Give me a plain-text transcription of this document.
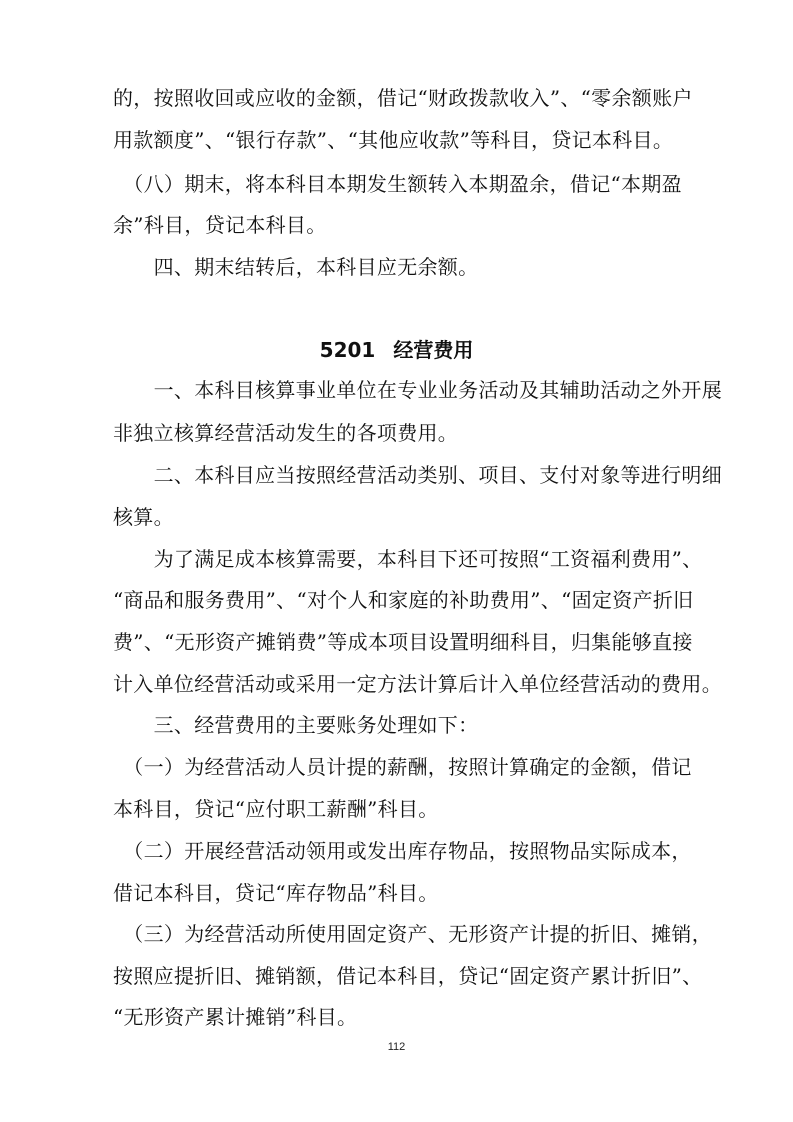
的，按照收回或应收的金额，借记“财政拨款收入”、“零余额账户
用款额度”、“银行存款”、“其他应收款”等科目，贷记本科目。
　（八）期末，将本科目本期发生额转入本期盈余，借记“本期盈
余”科目，贷记本科目。
　　四、期末结转后，本科目应无余额。
5201 经营费用
　　一、本科目核算事业单位在专业业务活动及其辅助活动之外开展
非独立核算经营活动发生的各项费用。
　　二、本科目应当按照经营活动类别、项目、支付对象等进行明细
核算。
　　为了满足成本核算需要，本科目下还可按照“工资福利费用”、
“商品和服务费用”、“对个人和家庭的补助费用”、“固定资产折旧
费”、“无形资产摊销费”等成本项目设置明细科目，归集能够直接
计入单位经营活动或采用一定方法计算后计入单位经营活动的费用。
　　三、经营费用的主要账务处理如下：
　（一）为经营活动人员计提的薪酬，按照计算确定的金额，借记
本科目，贷记“应付职工薪酬”科目。
　（二）开展经营活动领用或发出库存物品，按照物品实际成本，
借记本科目，贷记“库存物品”科目。
　（三）为经营活动所使用固定资产、无形资产计提的折旧、摊销，
按照应提折旧、摊销额，借记本科目，贷记“固定资产累计折旧”、
“无形资产累计摊销”科目。
112
